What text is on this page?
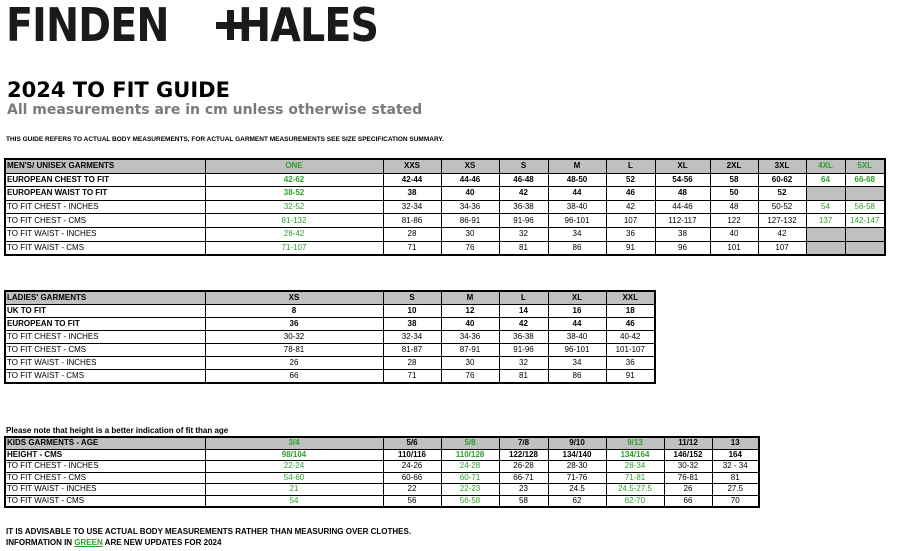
FINDEN HALES
2024 TO FIT GUIDE
All measurements are in cm unless otherwise stated
THIS GUIDE REFERS TO ACTUAL BODY MEASUREMENTS, FOR ACTUAL GARMENT MEASUREMENTS SEE SIZE SPECIFICATION SUMMARY.
MEN'S/ UNISEX GARMENTS	ONE	XXS	XS	S	M	L	XL	2XL	3XL	4XL	5XL
EUROPEAN CHEST TO FIT	42-62	42-44	44-46	46-48	48-50	52	54-56	58	60-62	64	66-68
EUROPEAN WAIST TO FIT	38-52	38	40	42	44	46	48	50	52		
TO FIT CHEST - INCHES	32-52	32-34	34-36	36-38	38-40	42	44-46	48	50-52	54	56-58
TO FIT CHEST - CMS	81-132	81-86	86-91	91-96	96-101	107	112-117	122	127-132	137	142-147
TO FIT WAIST - INCHES	28-42	28	30	32	34	36	38	40	42		
TO FIT WAIST - CMS	71-107	71	76	81	86	91	96	101	107		
LADIES' GARMENTS	XS	S	M	L	XL	XXL
UK TO FIT	8	10	12	14	16	18
EUROPEAN TO FIT	36	38	40	42	44	46
TO FIT CHEST - INCHES	30-32	32-34	34-36	36-38	38-40	40-42
TO FIT CHEST - CMS	78-81	81-87	87-91	91-96	96-101	101-107
TO FIT WAIST - INCHES	26	28	30	32	34	36
TO FIT WAIST - CMS	66	71	76	81	86	91
Please note that height is a better indication of fit than age
KIDS GARMENTS - AGE	3/4	5/6	5/8	7/8	9/10	9/13	11/12	13
HEIGHT - CMS	98/104	110/116	110/128	122/128	134/140	134/164	146/152	164
TO FIT CHEST - INCHES	22-24	24-26	24-28	26-28	28-30	28-34	30-32	32 - 34
TO FIT CHEST - CMS	54-60	60-66	60-71	66-71	71-76	71-81	76-81	81
TO FIT WAIST - INCHES	21	22	22-23	23	24.5	24.5-27.5	26	27.5
TO FIT WAIST - CMS	54	56	56-58	58	62	62-70	66	70
IT IS ADVISABLE TO USE ACTUAL BODY MEASUREMENTS RATHER THAN MEASURING OVER CLOTHES.
INFORMATION IN GREEN ARE NEW UPDATES FOR 2024
